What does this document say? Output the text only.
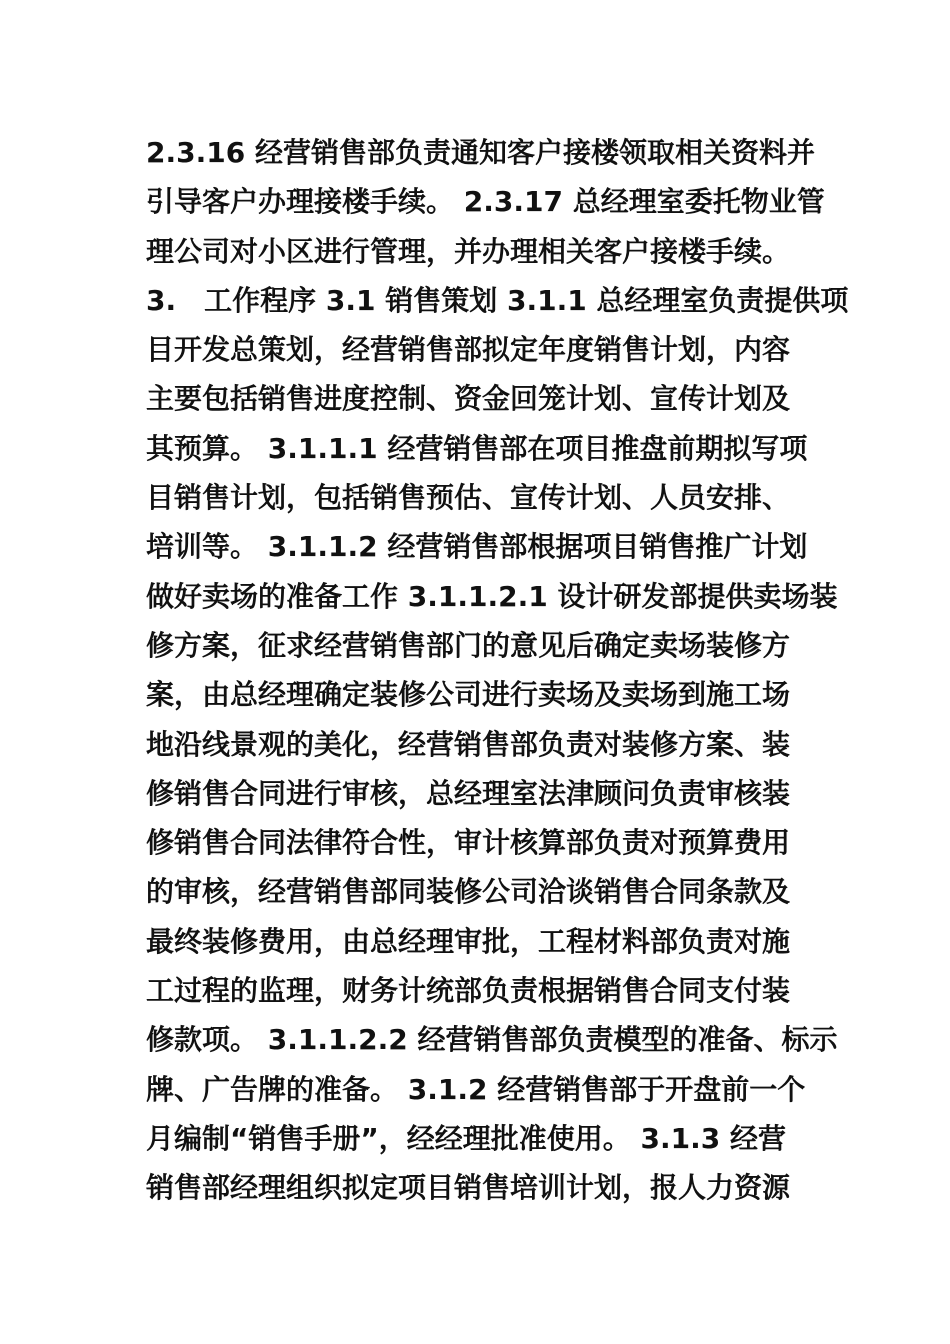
2.3.16 经营销售部负责通知客户接楼领取相关资料并
引导客户办理接楼手续。 2.3.17 总经理室委托物业管
理公司对小区进行管理，并办理相关客户接楼手续。
3.　工作程序 3.1 销售策划 3.1.1 总经理室负责提供项
目开发总策划，经营销售部拟定年度销售计划，内容
主要包括销售进度控制、资金回笼计划、宣传计划及
其预算。 3.1.1.1 经营销售部在项目推盘前期拟写项
目销售计划，包括销售预估、宣传计划、人员安排、
培训等。 3.1.1.2 经营销售部根据项目销售推广计划
做好卖场的准备工作 3.1.1.2.1 设计研发部提供卖场装
修方案，征求经营销售部门的意见后确定卖场装修方
案，由总经理确定装修公司进行卖场及卖场到施工场
地沿线景观的美化，经营销售部负责对装修方案、装
修销售合同进行审核，总经理室法津顾问负责审核装
修销售合同法律符合性，审计核算部负责对预算费用
的审核，经营销售部同装修公司洽谈销售合同条款及
最终装修费用，由总经理审批，工程材料部负责对施
工过程的监理，财务计统部负责根据销售合同支付装
修款项。 3.1.1.2.2 经营销售部负责模型的准备、标示
牌、广告牌的准备。 3.1.2 经营销售部于开盘前一个
月编制“销售手册”，经经理批准使用。 3.1.3 经营
销售部经理组织拟定项目销售培训计划，报人力资源
